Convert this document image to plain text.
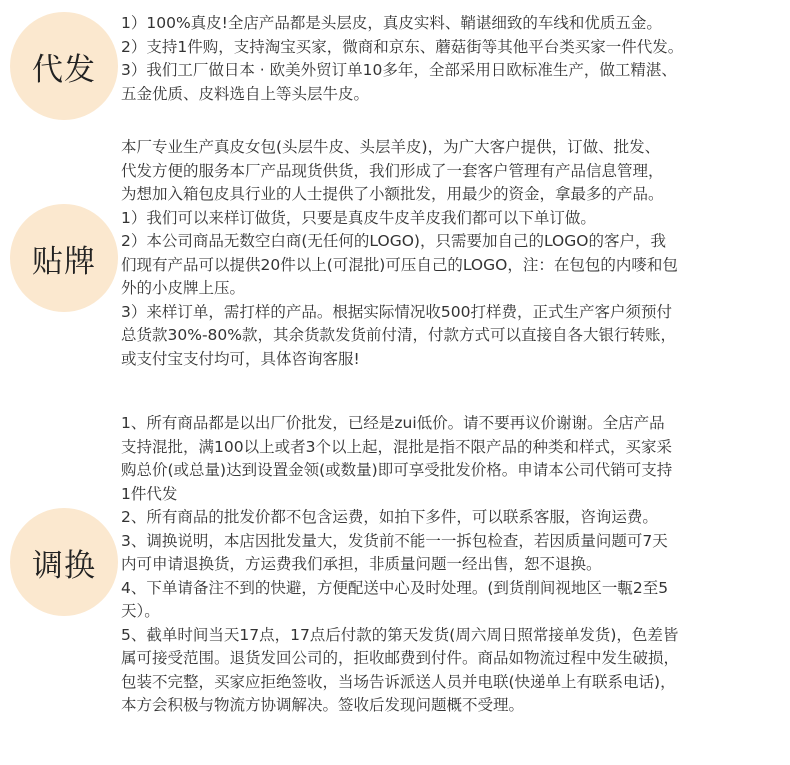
代发
1）100%真皮!全店产品都是头层皮，真皮实料、鞘谌细致的车线和优质五金。
2）支持1件购，支持淘宝买家，微商和京东、蘑菇街等其他平台类买家一件代发。
3）我们工厂做日本 · 欧美外贸订单10多年，全部采用日欧标准生产，做工精湛、
五金优质、皮料选自上等头层牛皮。
贴牌
本厂专业生产真皮女包(头层牛皮、头层羊皮)，为广大客户提供，订做、批发、
代发方便的服务本厂产品现货供货，我们形成了一套客户管理有产品信息管理，
为想加入箱包皮具行业的人士提供了小额批发，用最少的资金，拿最多的产品。
1）我们可以来样订做货，只要是真皮牛皮羊皮我们都可以下单订做。
2）本公司商品无数空白商(无任何的LOGO)，只需要加自己的LOGO的客户，我
们现有产品可以提供20件以上(可混批)可压自己的LOGO，注：在包包的内嘜和包
外的小皮牌上压。
3）来样订单，需打样的产品。根据实际情况收500打样费，正式生产客户须预付
总货款30%-80%款，其余货款发货前付清，付款方式可以直接自各大银行转账，
或支付宝支付均可，具体咨询客服!
调换
1、所有商品都是以出厂价批发，已经是zui低价。请不要再议价谢谢。全店产品
支持混批，满100以上或者3个以上起，混批是指不限产品的种类和样式，买家采
购总价(或总量)达到设置金领(或数量)即可享受批发价格。申请本公司代销可支持
1件代发
2、所有商品的批发价都不包含运费，如拍下多件，可以联系客服，咨询运费。
3、调换说明，本店因批发量大，发货前不能一一拆包检查，若因质量问题可7天
内可申请退换货，方运费我们承担，非质量问题一经出售，恕不退换。
4、下单请备注不到的快避，方便配送中心及时处理。(到货削间视地区一甎2至5
天）。
5、截单时间当天17点，17点后付款的第天发货(周六周日照常接单发货)，色差皆
属可接受范围。退货发回公司的，拒收邮费到付件。商品如物流过程中发生破损，
包装不完整，买家应拒绝签收，当场告诉派送人员并电联(快递单上有联系电话)，
本方会积极与物流方协调解决。签收后发现问题概不受理。
